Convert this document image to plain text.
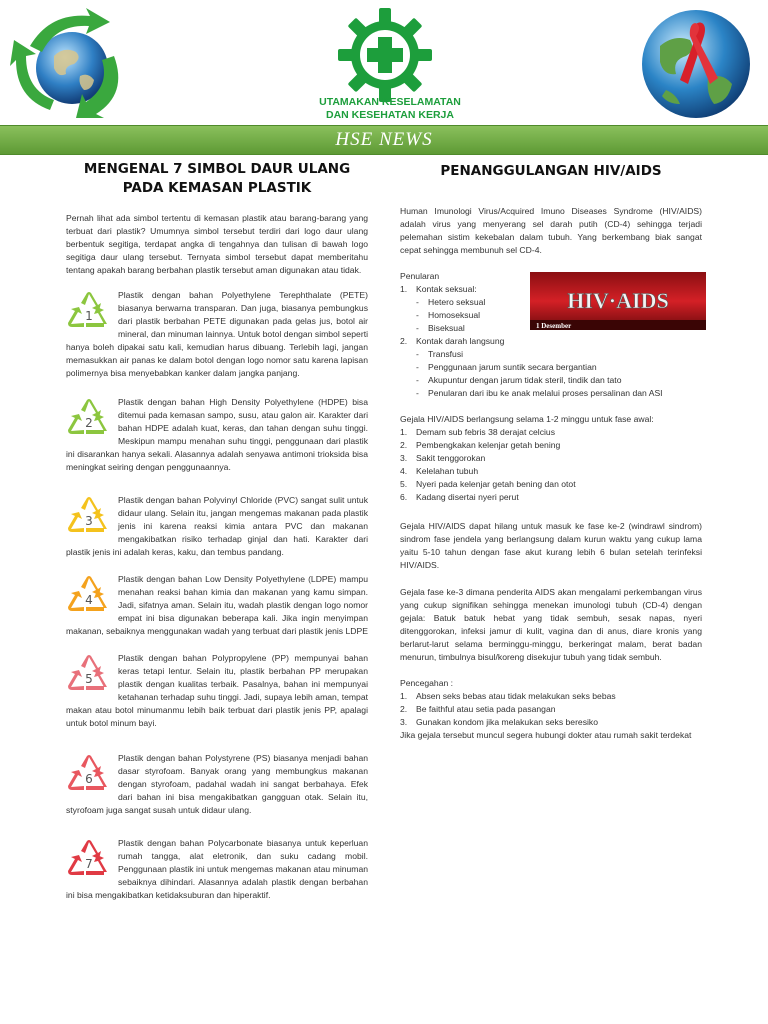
UTAMAKAN KESELAMATAN
DAN KESEHATAN KERJA
HSE NEWS
MENGENAL 7 SIMBOL DAUR ULANG
PADA KEMASAN PLASTIK

Pernah lihat ada simbol tertentu di kemasan plastik atau barang-barang yang terbuat dari plastik? Umumnya simbol tersebut terdiri dari logo daur ulang berbentuk segitiga, terdapat angka di tengahnya dan tulisan di bawah logo segitiga daur ulang tersebut. Ternyata simbol tersebut dapat memberitahu tentang apakah barang berbahan plastik tersebut aman digunakan atau tidak.

1

Plastik dengan bahan Polyethylene Terephthalate (PETE) biasanya berwarna transparan. Dan juga, biasanya pembungkus dari plastik berbahan PETE digunakan pada gelas jus, botol air mineral, dan minuman lainnya. Untuk botol dengan simbol seperti hanya boleh dipakai satu kali, kemudian harus dibuang. Terlebih lagi, jangan memasukkan air panas ke dalam botol dengan logo nomor satu karena lapisan polimernya bisa menyebabkan kanker dalam jangka panjang.

2

Plastik dengan bahan High Density Polyethylene (HDPE) bisa ditemui pada kemasan sampo, susu, atau galon air. Karakter dari bahan HDPE adalah kuat, keras, dan tahan dengan suhu tinggi. Meskipun mampu menahan suhu tinggi, penggunaan dari plastik ini disarankan hanya sekali. Alasannya adalah senyawa antimoni trioksida bisa meningkat seiring dengan penggunaannya.

3

Plastik dengan bahan Polyvinyl Chloride (PVC) sangat sulit untuk didaur ulang. Selain itu, jangan mengemas makanan pada plastik jenis ini karena reaksi kimia antara PVC dan makanan mengakibatkan risiko terhadap ginjal dan hati. Karakter dari plastik jenis ini adalah keras, kaku, dan tembus pandang.

4

Plastik dengan bahan Low Density Polyethylene (LDPE) mampu menahan reaksi bahan kimia dan makanan yang kamu simpan. Jadi, sifatnya aman. Selain itu, wadah plastik dengan logo nomor empat ini bisa digunakan beberapa kali. Jika ingin menyimpan makanan, sebaiknya menggunakan wadah yang terbuat dari plastik jenis LDPE

5

Plastik dengan bahan Polypropylene (PP) mempunyai bahan keras tetapi lentur. Selain itu, plastik berbahan PP merupakan plastik dengan kualitas terbaik. Pasalnya, bahan ini mempunyai ketahanan terhadap suhu tinggi. Jadi, supaya lebih aman, tempat makan atau botol minumanmu lebih baik terbuat dari plastik jenis PP, apalagi untuk botol minum bayi.

6

Plastik dengan bahan Polystyrene (PS) biasanya menjadi bahan dasar styrofoam. Banyak orang yang membungkus makanan dengan styrofoam, padahal wadah ini sangat berbahaya. Efek dari bahan ini bisa mengakibatkan gangguan otak. Selain itu, styrofoam juga sangat susah untuk didaur ulang.

7

Plastik dengan bahan Polycarbonate biasanya untuk keperluan rumah tangga, alat eletronik, dan suku cadang mobil. Penggunaan plastik ini untuk mengemas makanan atau minuman sebaiknya dihindari. Alasannya adalah plastik dengan berbahan ini bisa mengakibatkan ketidaksuburan dan hiperaktif.

PENANGGULANGAN HIV/AIDS

Human Imunologi Virus/Acquired Imuno Diseases Syndrome (HIV/AIDS) adalah virus yang menyerang sel darah putih (CD-4) sehingga terjadi pelemahan sistim kekebalan dalam tubuh. Yang berkembang biak sangat cepat sehingga membunuh sel CD-4.

Penularan
1. Kontak seksual:
- Hetero seksual
- Homoseksual
- Biseksual
2. Kontak darah langsung
- Transfusi
- Penggunaan jarum suntik secara bergantian
- Akupuntur dengan jarum tidak steril, tindik dan tato
- Penularan dari ibu ke anak melalui proses persalinan dan ASI
HIV·AIDS
1 Desember
Gejala HIV/AIDS berlangsung selama 1-2 minggu untuk fase awal:
1. Demam sub febris 38 derajat celcius
2. Pembengkakan kelenjar getah bening
3. Sakit tenggorokan
4. Kelelahan tubuh
5. Nyeri pada kelenjar getah bening dan otot
6. Kadang disertai nyeri perut

Gejala HIV/AIDS dapat hilang untuk masuk ke fase ke-2 (windrawl sindrom) sindrom fase jendela yang berlangsung dalam kurun waktu yang cukup lama yaitu 5-10 tahun dengan fase akut kurang lebih 6 bulan setelah terinfeksi HIV/AIDS.

Gejala fase ke-3 dimana penderita AIDS akan mengalami perkembangan virus yang cukup signifikan sehingga menekan imunologi tubuh (CD-4) dengan gejala: Batuk batuk hebat yang tidak sembuh, sesak napas, nyeri ditenggorokan, infeksi jamur di kulit, vagina dan di anus, diare kronis yang berlarut-larut selama berminggu-minggu, berkeringat malam, berat badan menurun, timbulnya bisul/koreng disekujur tubuh yang tidak sembuh.

Pencegahan :
1. Absen seks bebas atau tidak melakukan seks bebas
2. Be faithful atau setia pada pasangan
3. Gunakan kondom jika melakukan seks beresiko

Jika gejala tersebut muncul segera hubungi dokter atau rumah sakit terdekat
